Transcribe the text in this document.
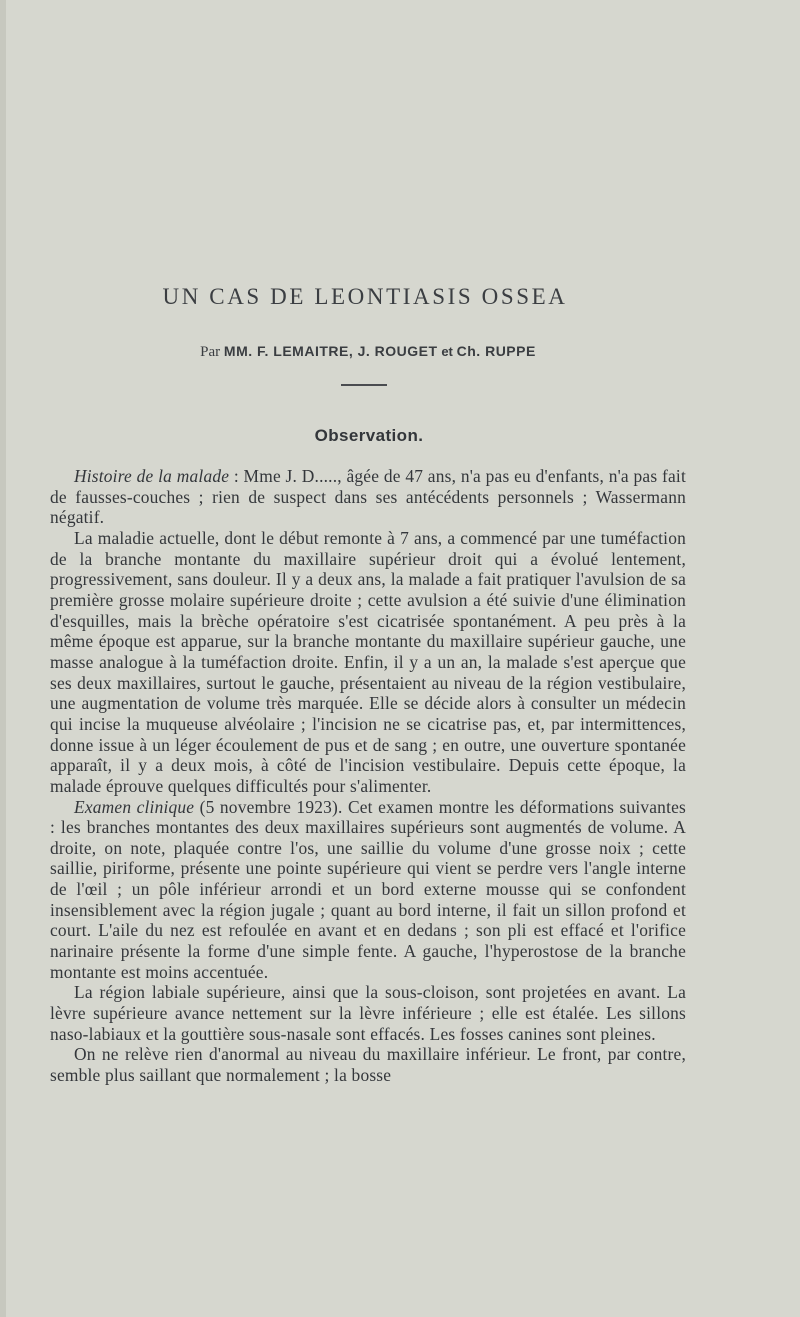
UN CAS DE LEONTIASIS OSSEA
Par MM. F. LEMAITRE, J. ROUGET et Ch. RUPPE
Observation.

Histoire de la malade : Mme J. D....., âgée de 47 ans, n'a pas eu d'enfants, n'a pas fait de fausses-couches ; rien de suspect dans ses antécédents personnels ; Wassermann négatif.

La maladie actuelle, dont le début remonte à 7 ans, a commencé par une tuméfaction de la branche montante du maxillaire supérieur droit qui a évolué lentement, progressivement, sans douleur. Il y a deux ans, la malade a fait pratiquer l'avulsion de sa première grosse molaire supérieure droite ; cette avulsion a été suivie d'une élimination d'esquilles, mais la brèche opératoire s'est cicatrisée spontanément. A peu près à la même époque est apparue, sur la branche montante du maxillaire supérieur gauche, une masse analogue à la tuméfaction droite. Enfin, il y a un an, la malade s'est aperçue que ses deux maxillaires, surtout le gauche, présentaient au niveau de la région vestibulaire, une augmentation de volume très marquée. Elle se décide alors à consulter un médecin qui incise la muqueuse alvéolaire ; l'incision ne se cicatrise pas, et, par intermittences, donne issue à un léger écoulement de pus et de sang ; en outre, une ouverture spontanée apparaît, il y a deux mois, à côté de l'incision vestibulaire. Depuis cette époque, la malade éprouve quelques difficultés pour s'alimenter.

Examen clinique (5 novembre 1923). Cet examen montre les déformations suivantes : les branches montantes des deux maxillaires supérieurs sont augmentés de volume. A droite, on note, plaquée contre l'os, une saillie du volume d'une grosse noix ; cette saillie, piriforme, présente une pointe supérieure qui vient se perdre vers l'angle interne de l'œil ; un pôle inférieur arrondi et un bord externe mousse qui se confondent insensiblement avec la région jugale ; quant au bord interne, il fait un sillon profond et court. L'aile du nez est refoulée en avant et en dedans ; son pli est effacé et l'orifice narinaire présente la forme d'une simple fente. A gauche, l'hyperostose de la branche montante est moins accentuée.

La région labiale supérieure, ainsi que la sous-cloison, sont projetées en avant. La lèvre supérieure avance nettement sur la lèvre inférieure ; elle est étalée. Les sillons naso-labiaux et la gouttière sous-nasale sont effacés. Les fosses canines sont pleines.

On ne relève rien d'anormal au niveau du maxillaire inférieur. Le front, par contre, semble plus saillant que normalement ; la bosse
